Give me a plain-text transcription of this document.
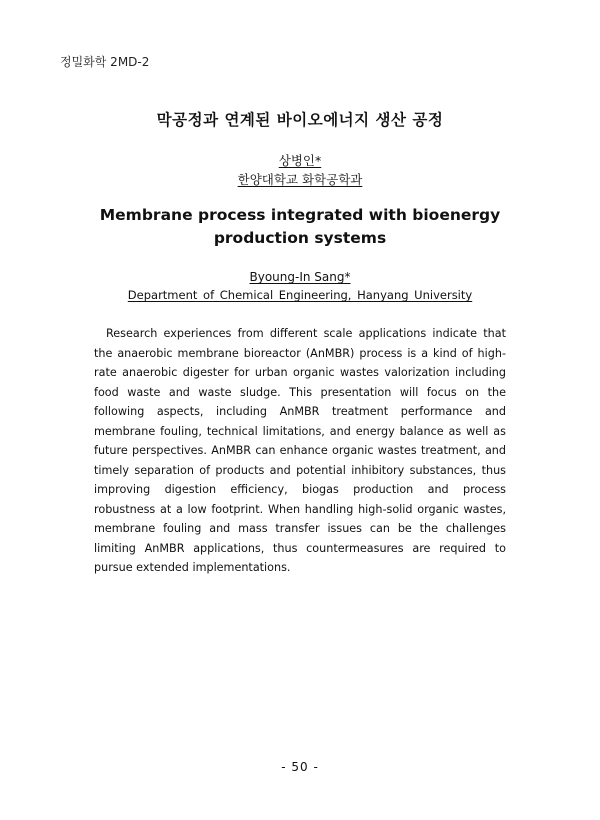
정밀화학 2MD-2
막공정과 연계된 바이오에너지 생산 공정
상병인*
한양대학교 화학공학과
Membrane process integrated with bioenergy production systems
Byoung-In Sang*
Department of Chemical Engineering, Hanyang University

Research experiences from different scale applications indicate that the anaerobic membrane bioreactor (AnMBR) process is a kind of high-rate anaerobic digester for urban organic wastes valorization including food waste and waste sludge. This presentation will focus on the following aspects, including AnMBR treatment performance and membrane fouling, technical limitations, and energy balance as well as future perspectives. AnMBR can enhance organic wastes treatment, and timely separation of products and potential inhibitory substances, thus improving digestion efficiency, biogas production and process robustness at a low footprint. When handling high-solid organic wastes, membrane fouling and mass transfer issues can be the challenges limiting AnMBR applications, thus countermeasures are required to pursue extended implementations.

- 50 -
